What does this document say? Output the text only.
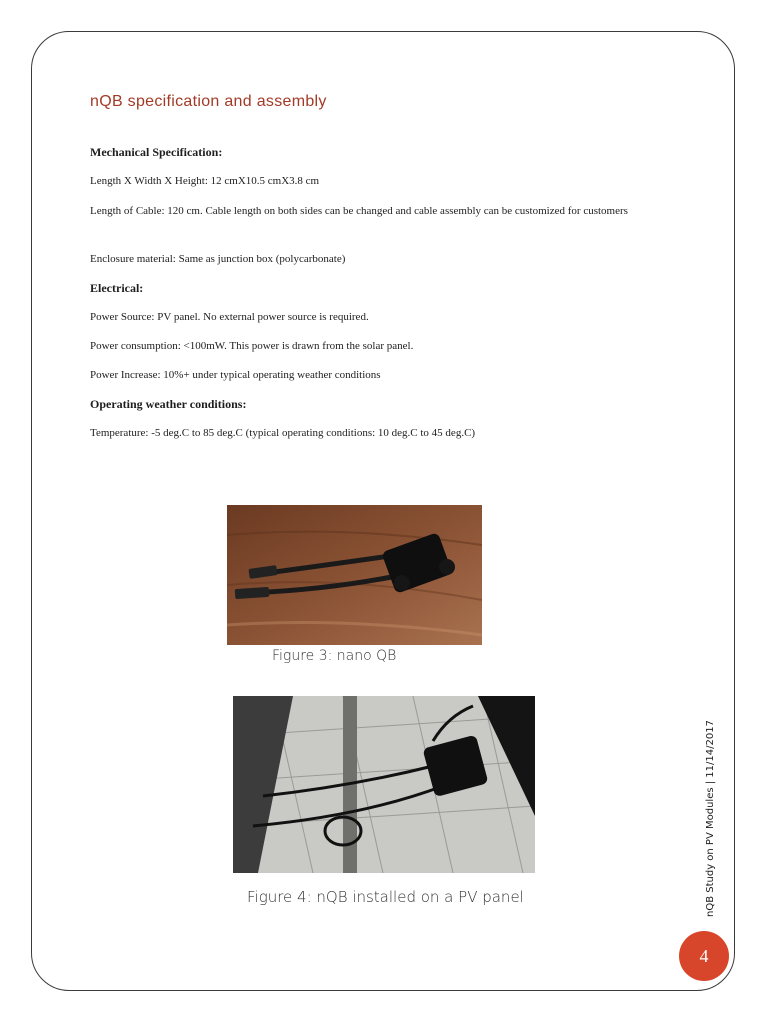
nQB specification and assembly
Mechanical Specification:
Length X Width X Height: 12 cmX10.5 cmX3.8 cm
Length of Cable: 120 cm. Cable length on both sides can be changed and cable assembly can be customized for customers
Enclosure material: Same as junction box (polycarbonate)
Electrical:
Power Source: PV panel. No external power source is required.
Power consumption: <100mW. This power is drawn from the solar panel.
Power Increase: 10%+ under typical operating weather conditions
Operating weather conditions:
Temperature: -5 deg.C to 85 deg.C (typical operating conditions: 10 deg.C to 45 deg.C)
Figure 3: nano QB
Figure 4: nQB installed on a PV panel	nQB Study on PV Modules | 11/14/2017
4
